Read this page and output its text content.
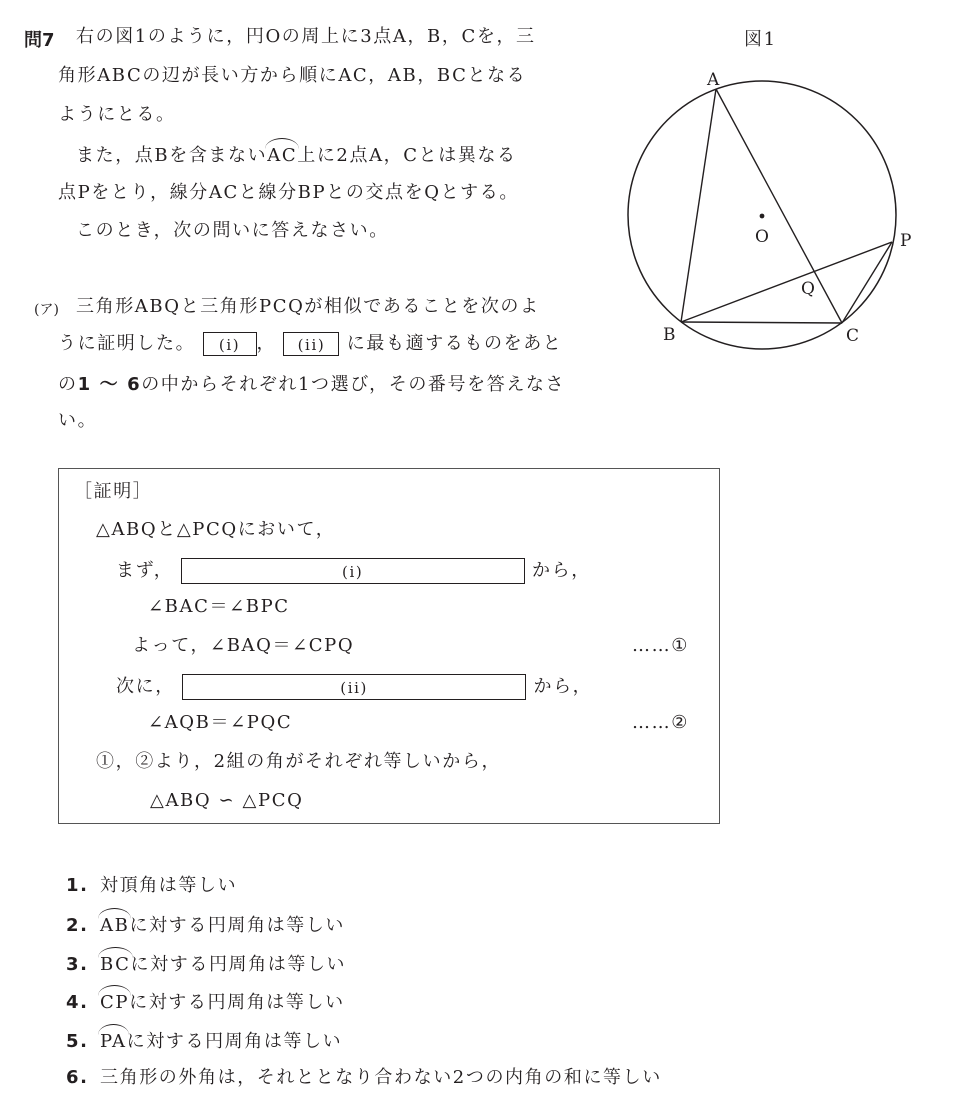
問7 右の図1のように，円Oの周上に3点A，B，Cを，三
角形ABCの辺が長い方から順にAC，AB，BCとなる
ようにとる。
また，点Bを含まないAC上に2点A，Cとは異なる
点Pをとり，線分ACと線分BPとの交点をQとする。
このとき，次の問いに答えなさい。
(ア) 三角形ABQと三角形PCQが相似であることを次のよ
うに証明した。 (i) ， (ii) に最も適するものをあと
の1 〜 6の中からそれぞれ1つ選び，その番号を答えなさ
い。
図1
A
B	C
P
Q
O
［証明］
△ABQと△PCQにおいて，
まず，	(i)	から，
∠BAC＝∠BPC
よって，∠BAQ＝∠CPQ	……①
次に，	(ii)	から，
∠AQB＝∠PQC	……②
①，②より，2組の角がそれぞれ等しいから，
△ABQ ∽ △PCQ
1. 対頂角は等しい
2. ABに対する円周角は等しい
3. BCに対する円周角は等しい
4. CPに対する円周角は等しい
5. PAに対する円周角は等しい
6. 三角形の外角は，それととなり合わない2つの内角の和に等しい
